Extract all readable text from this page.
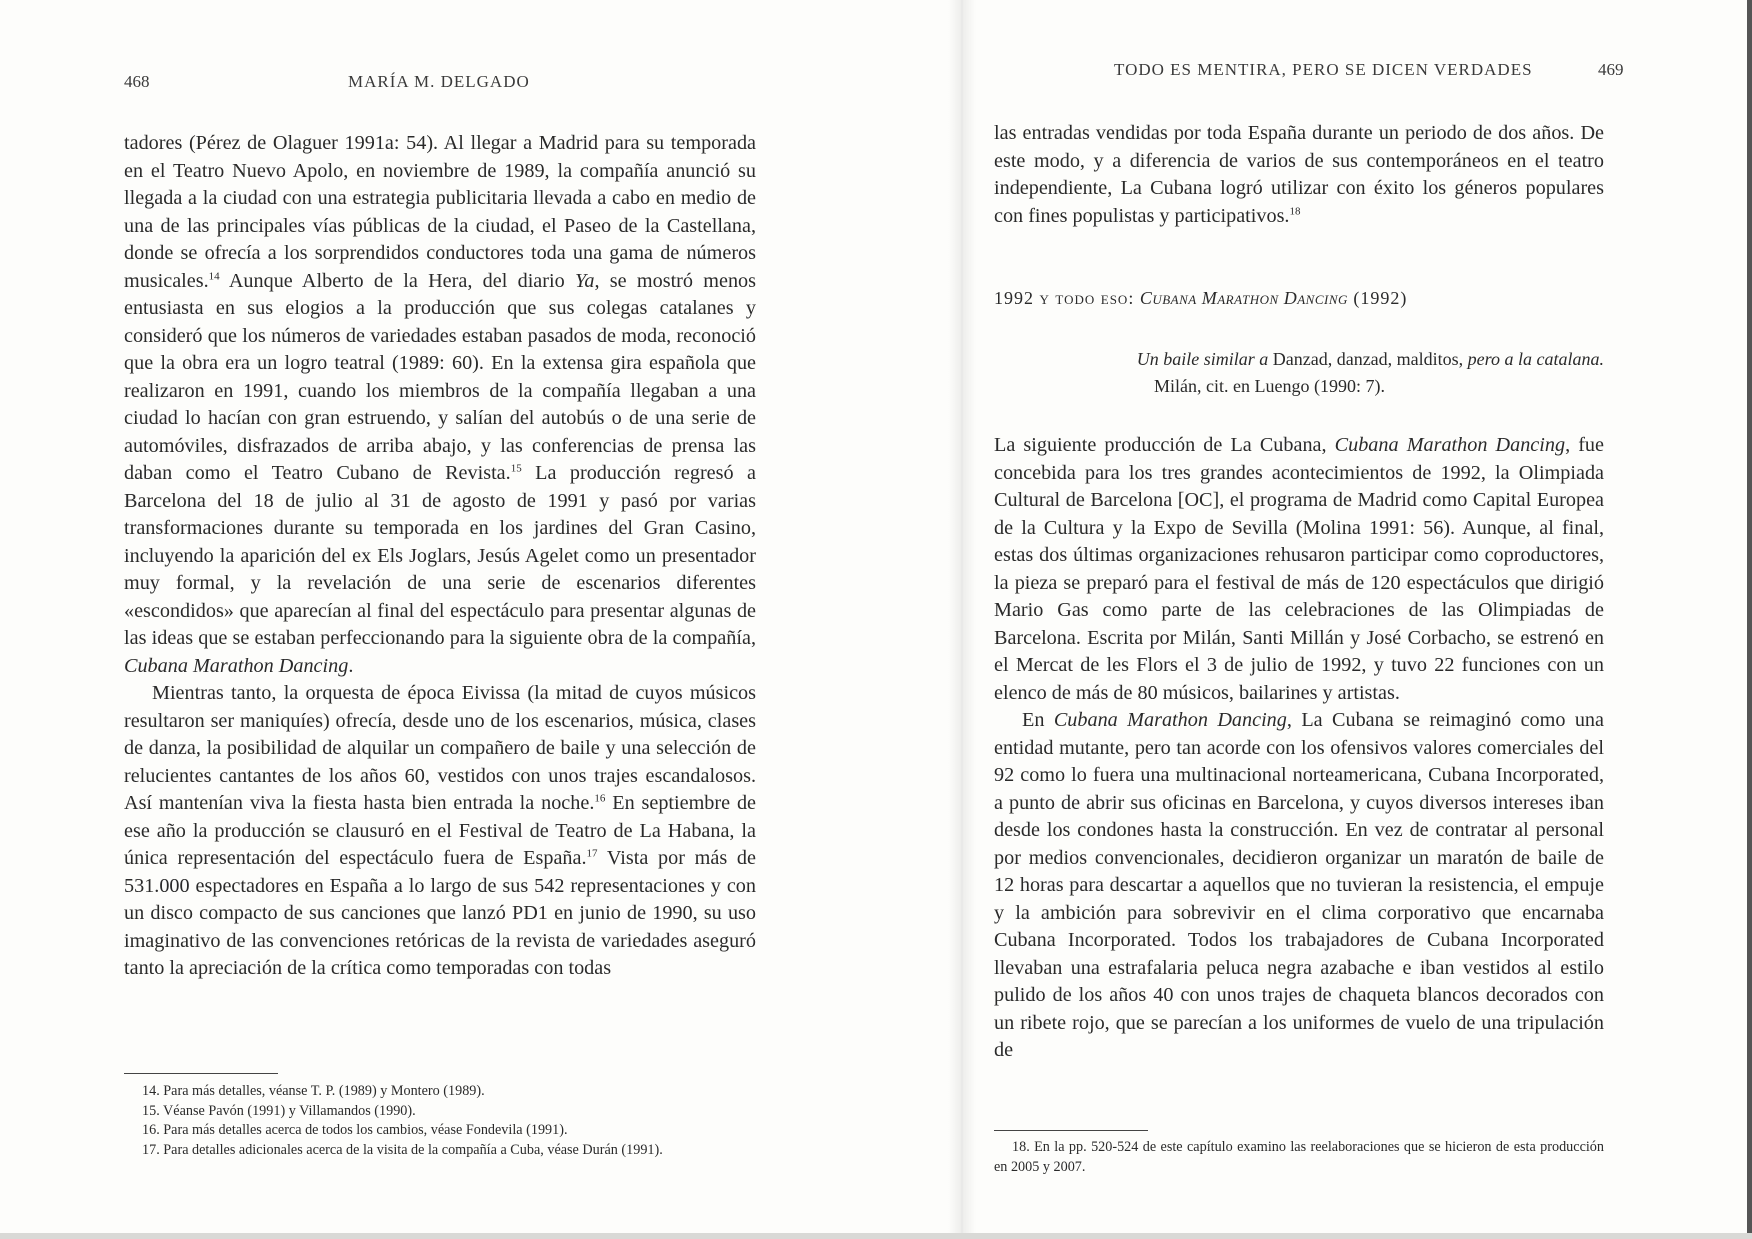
468	MARÍA M. DELGADO

tadores (Pérez de Olaguer 1991a: 54). Al llegar a Madrid para su temporada en el Teatro Nuevo Apolo, en noviembre de 1989, la compañía anunció su llegada a la ciudad con una estrategia publicitaria llevada a cabo en medio de una de las principales vías públicas de la ciudad, el Paseo de la Castellana, donde se ofrecía a los sorprendidos conductores toda una gama de números musicales.$^{14}$ Aunque Alberto de la Hera, del diario Ya, se mostró menos entusiasta en sus elogios a la producción que sus colegas catalanes y consideró que los números de variedades estaban pasados de moda, reconoció que la obra era un logro teatral (1989: 60). En la extensa gira española que realizaron en 1991, cuando los miembros de la compañía llegaban a una ciudad lo hacían con gran estruendo, y salían del autobús o de una serie de automóviles, disfrazados de arriba abajo, y las conferencias de prensa las daban como el Teatro Cubano de Revista.$^{15}$ La producción regresó a Barcelona del 18 de julio al 31 de agosto de 1991 y pasó por varias transformaciones durante su temporada en los jardines del Gran Casino, incluyendo la aparición del ex Els Joglars, Jesús Agelet como un presentador muy formal, y la revelación de una serie de escenarios diferentes «escondidos» que aparecían al final del espectáculo para presentar algunas de las ideas que se estaban perfeccionando para la siguiente obra de la compañía, Cubana Marathon Dancing.

Mientras tanto, la orquesta de época Eivissa (la mitad de cuyos músicos resultaron ser maniquíes) ofrecía, desde uno de los escenarios, música, clases de danza, la posibilidad de alquilar un compañero de baile y una selección de relucientes cantantes de los años 60, vestidos con unos trajes escandalosos. Así mantenían viva la fiesta hasta bien entrada la noche.$^{16}$ En septiembre de ese año la producción se clausuró en el Festival de Teatro de La Habana, la única representación del espectáculo fuera de España.$^{17}$ Vista por más de 531.000 espectadores en España a lo largo de sus 542 representaciones y con un disco compacto de sus canciones que lanzó PD1 en junio de 1990, su uso imaginativo de las convenciones retóricas de la revista de variedades aseguró tanto la apreciación de la crítica como temporadas con todas

14. Para más detalles, véanse T. P. (1989) y Montero (1989).

15. Véanse Pavón (1991) y Villamandos (1990).

16. Para más detalles acerca de todos los cambios, véase Fondevila (1991).

17. Para detalles adicionales acerca de la visita de la compañía a Cuba, véase Durán (1991).

TODO ES MENTIRA, PERO SE DICEN VERDADES	469

las entradas vendidas por toda España durante un periodo de dos años. De este modo, y a diferencia de varios de sus contemporáneos en el teatro independiente, La Cubana logró utilizar con éxito los géneros populares con fines populistas y participativos.$^{18}$

1992 y todo eso: Cubana Marathon Dancing (1992)
Un baile similar a Danzad, danzad, malditos, pero a la catalana.
Milán, cit. en Luengo (1990: 7).

La siguiente producción de La Cubana, Cubana Marathon Dancing, fue concebida para los tres grandes acontecimientos de 1992, la Olimpiada Cultural de Barcelona [OC], el programa de Madrid como Capital Europea de la Cultura y la Expo de Sevilla (Molina 1991: 56). Aunque, al final, estas dos últimas organizaciones rehusaron participar como coproductores, la pieza se preparó para el festival de más de 120 espectáculos que dirigió Mario Gas como parte de las celebraciones de las Olimpiadas de Barcelona. Escrita por Milán, Santi Millán y José Corbacho, se estrenó en el Mercat de les Flors el 3 de julio de 1992, y tuvo 22 funciones con un elenco de más de 80 músicos, bailarines y artistas.

En Cubana Marathon Dancing, La Cubana se reimaginó como una entidad mutante, pero tan acorde con los ofensivos valores comerciales del 92 como lo fuera una multinacional norteamericana, Cubana Incorporated, a punto de abrir sus oficinas en Barcelona, y cuyos diversos intereses iban desde los condones hasta la construcción. En vez de contratar al personal por medios convencionales, decidieron organizar un maratón de baile de 12 horas para descartar a aquellos que no tuvieran la resistencia, el empuje y la ambición para sobrevivir en el clima corporativo que encarnaba Cubana Incorporated. Todos los trabajadores de Cubana Incorporated llevaban una estrafalaria peluca negra azabache e iban vestidos al estilo pulido de los años 40 con unos trajes de chaqueta blancos decorados con un ribete rojo, que se parecían a los uniformes de vuelo de una tripulación de

18. En la pp. 520-524 de este capítulo examino las reelaboraciones que se hicieron de esta producción en 2005 y 2007.
